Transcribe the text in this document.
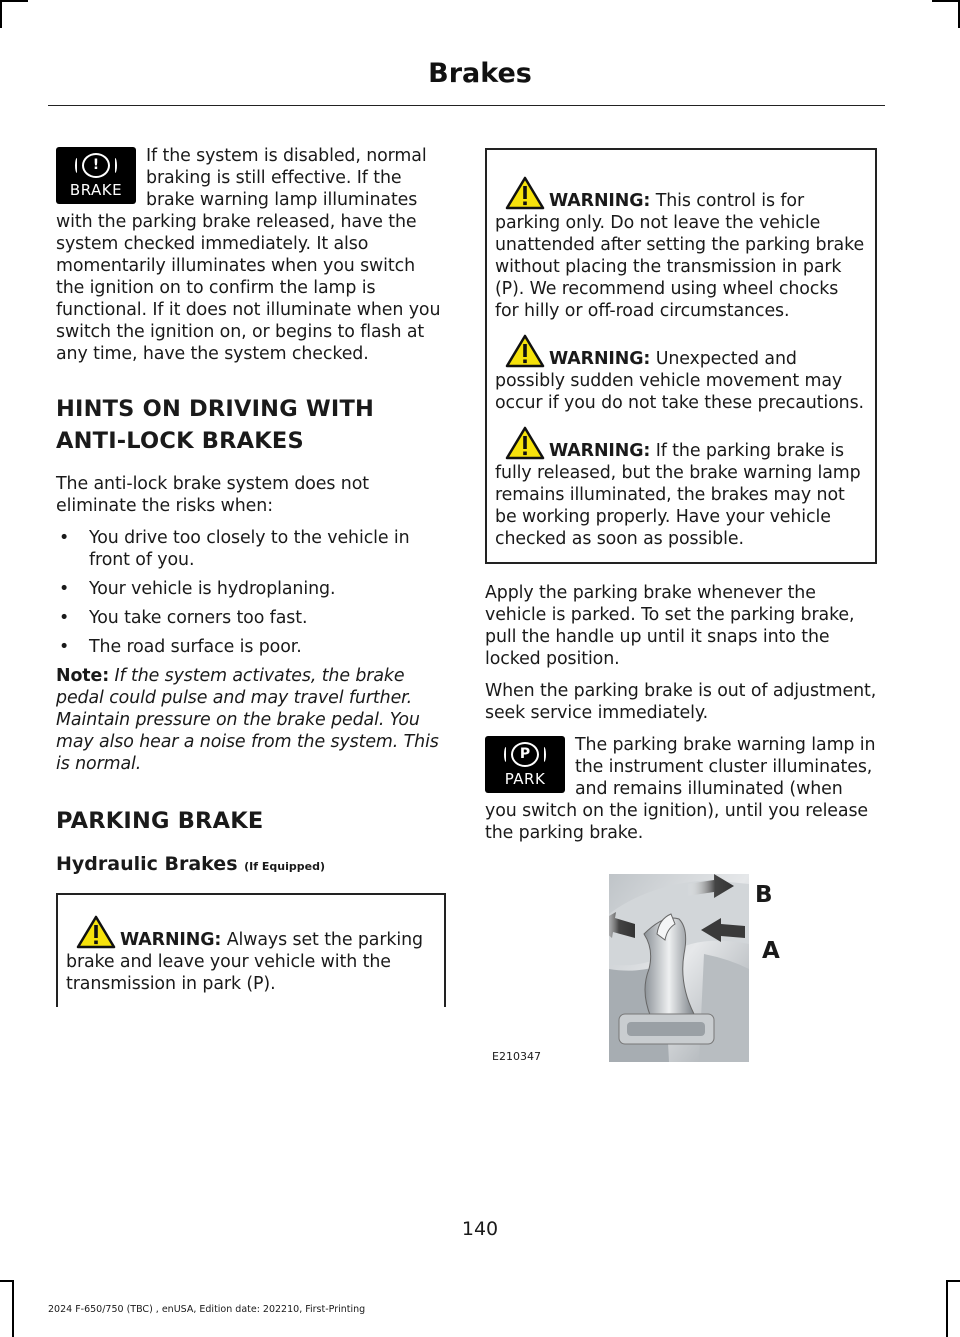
Brakes
!
BRAKE

If the system is disabled, normal braking is still effective. If the brake warning lamp illuminates with the parking brake released, have the system checked immediately. It also momentarily illuminates when you switch the ignition on to confirm the lamp is functional. If it does not illuminate when you switch the ignition on, or begins to flash at any time, have the system checked.

HINTS ON DRIVING WITH
ANTI-LOCK BRAKES

The anti-lock brake system does not eliminate the risks when:

• You drive too closely to the vehicle in front of you.
• Your vehicle is hydroplaning.
• You take corners too fast.
• The road surface is poor.

Note: If the system activates, the brake pedal could pulse and may travel further. Maintain pressure on the brake pedal. You may also hear a noise from the system. This is normal.

PARKING BRAKE
Hydraulic Brakes (If Equipped)

WARNING: Always set the parking brake and leave your vehicle with the transmission in park (P).

WARNING: This control is for parking only. Do not leave the vehicle unattended after setting the parking brake without placing the transmission in park (P). We recommend using wheel chocks for hilly or off-road circumstances.

WARNING: Unexpected and possibly sudden vehicle movement may occur if you do not take these precautions.

WARNING: If the parking brake is fully released, but the brake warning lamp remains illuminated, the brakes may not be working properly. Have your vehicle checked as soon as possible.

Apply the parking brake whenever the vehicle is parked. To set the parking brake, pull the handle up until it snaps into the locked position.

When the parking brake is out of adjustment, seek service immediately.

P
PARK

The parking brake warning lamp in the instrument cluster illuminates, and remains illuminated (when you switch on the ignition), until you release the parking brake.

B
A
E210347
140
2024 F-650/750 (TBC) , enUSA, Edition date: 202210, First-Printing
